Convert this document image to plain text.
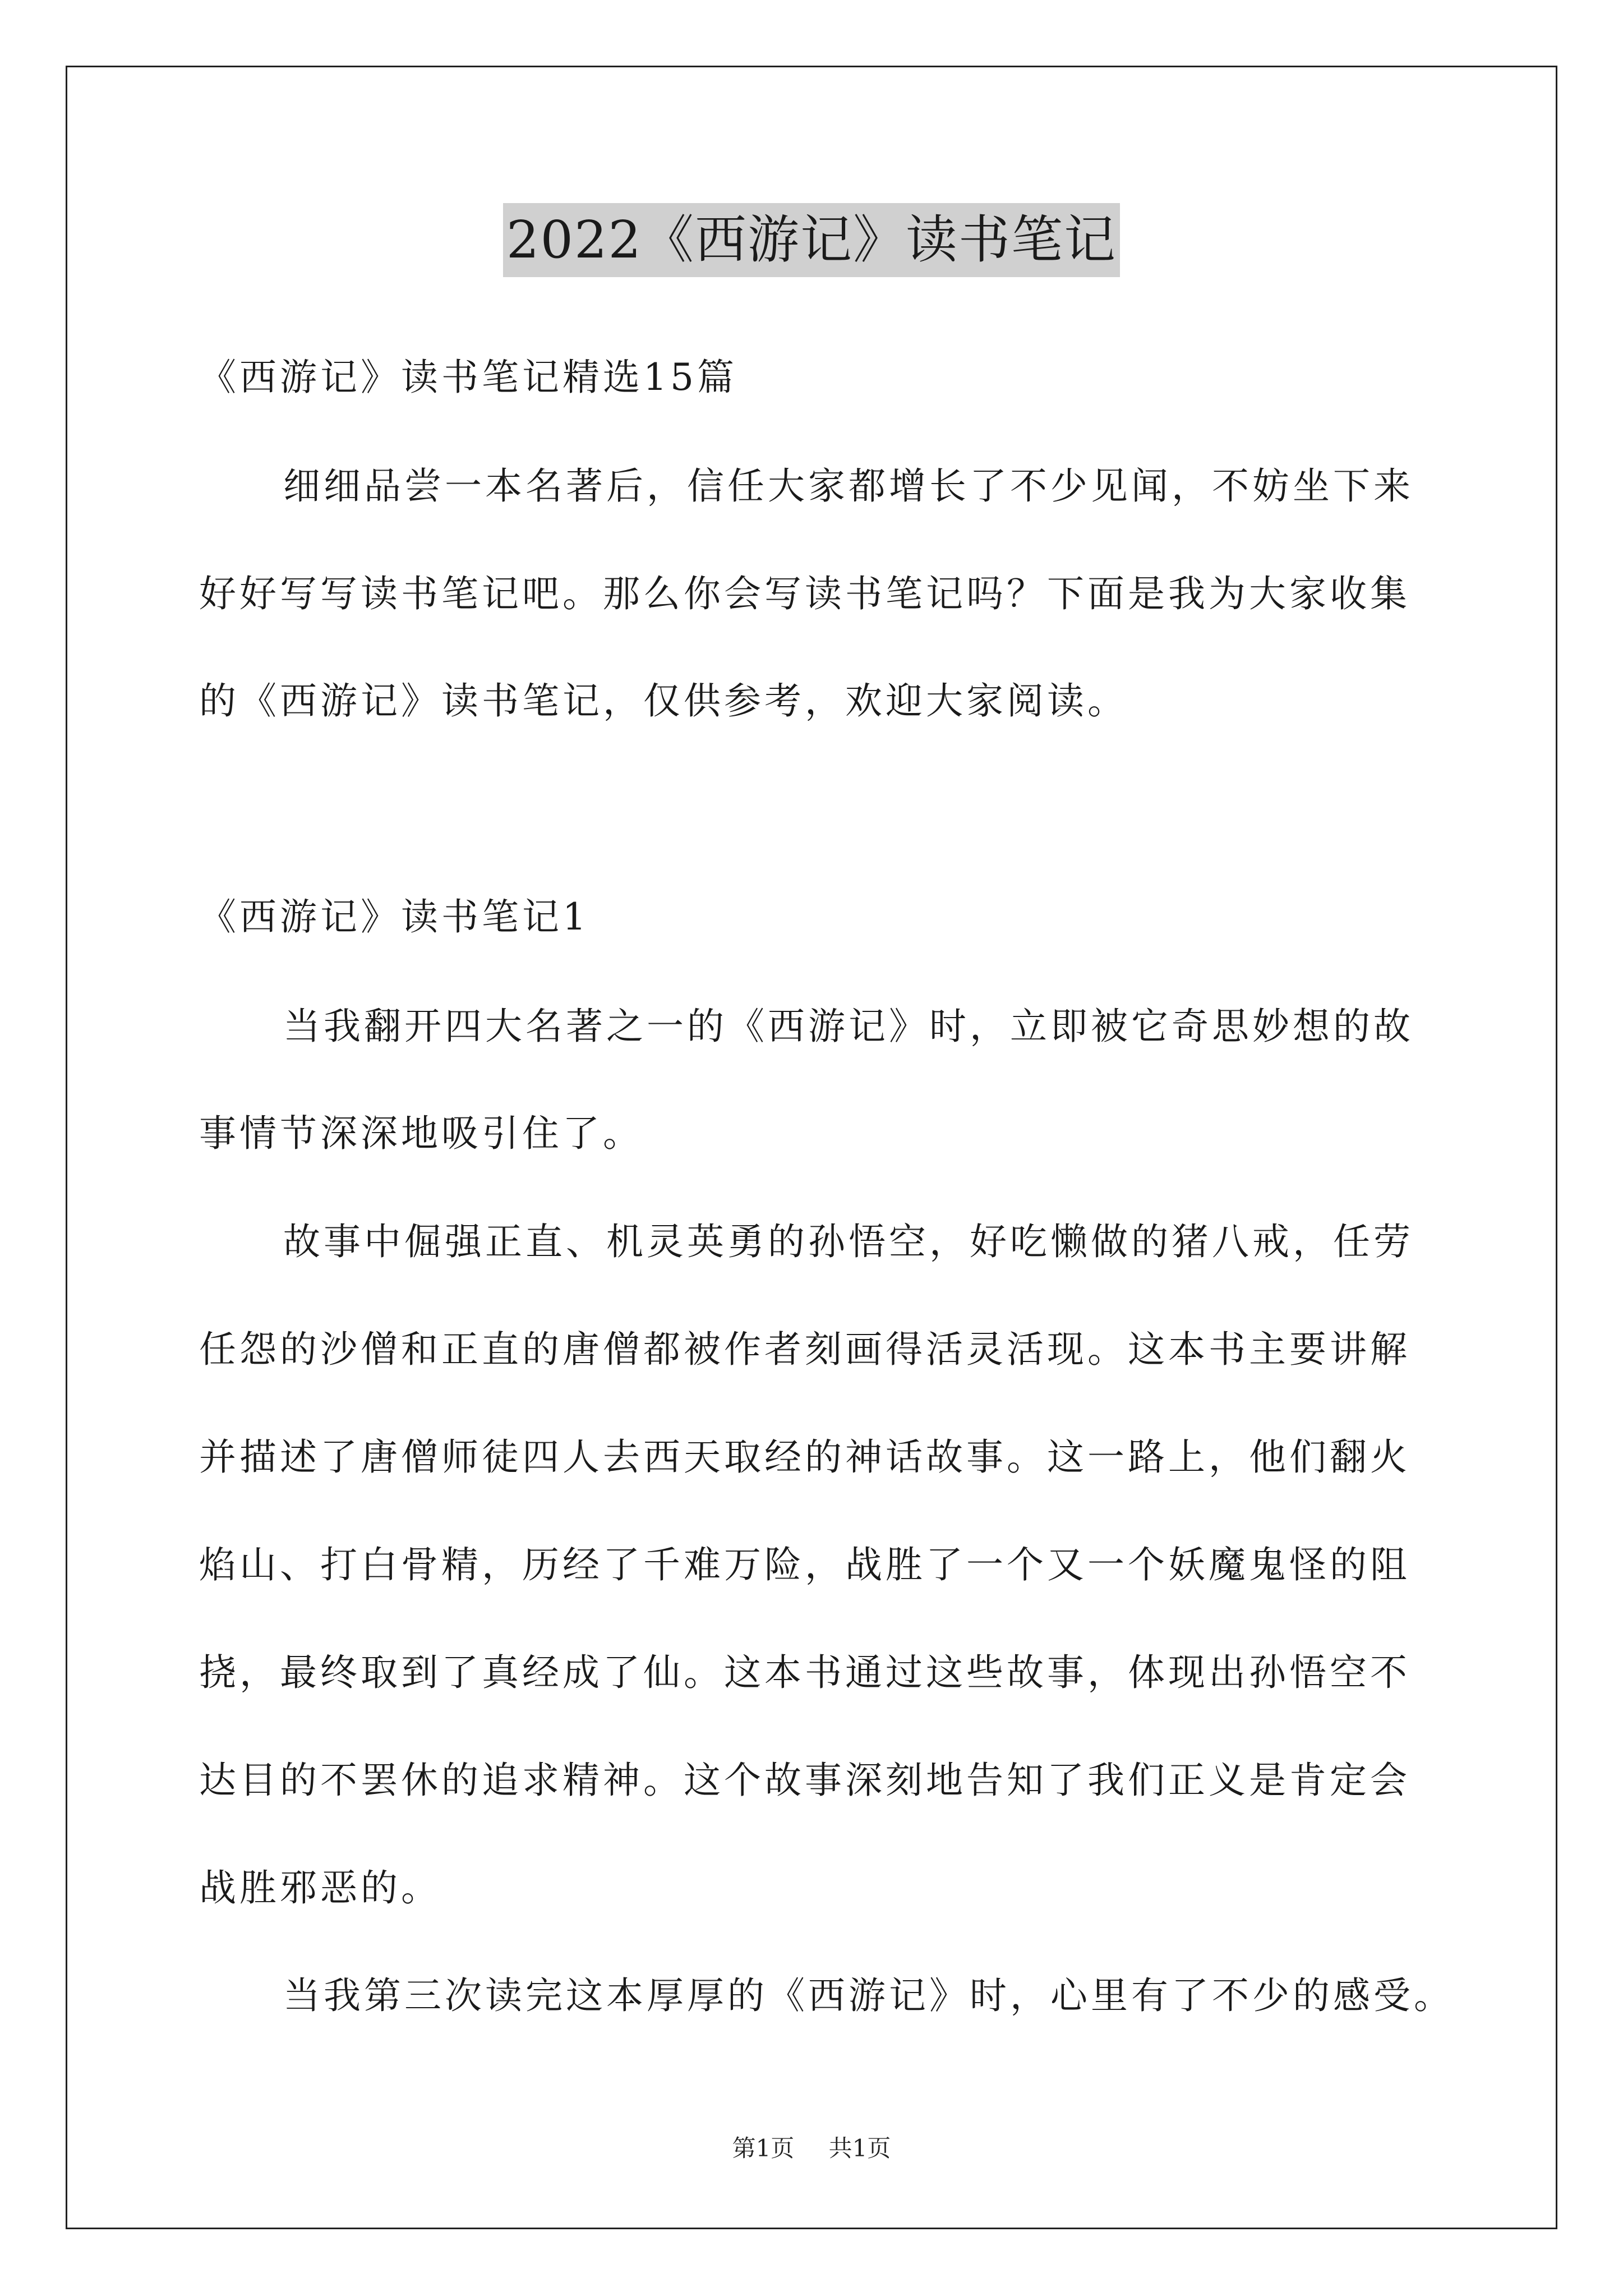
2022《西游记》读书笔记
《西游记》读书笔记精选15篇
细细品尝一本名著后，信任大家都增长了不少见闻，不妨坐下来
好好写写读书笔记吧。那么你会写读书笔记吗？下面是我为大家收集
的《西游记》读书笔记，仅供参考，欢迎大家阅读。
《西游记》读书笔记1
当我翻开四大名著之一的《西游记》时，立即被它奇思妙想的故
事情节深深地吸引住了。
故事中倔强正直、机灵英勇的孙悟空，好吃懒做的猪八戒，任劳
任怨的沙僧和正直的唐僧都被作者刻画得活灵活现。这本书主要讲解
并描述了唐僧师徒四人去西天取经的神话故事。这一路上，他们翻火
焰山、打白骨精，历经了千难万险，战胜了一个又一个妖魔鬼怪的阻
挠，最终取到了真经成了仙。这本书通过这些故事，体现出孙悟空不
达目的不罢休的追求精神。这个故事深刻地告知了我们正义是肯定会
战胜邪恶的。
当我第三次读完这本厚厚的《西游记》时，心里有了不少的感受。
第1页 共1页
